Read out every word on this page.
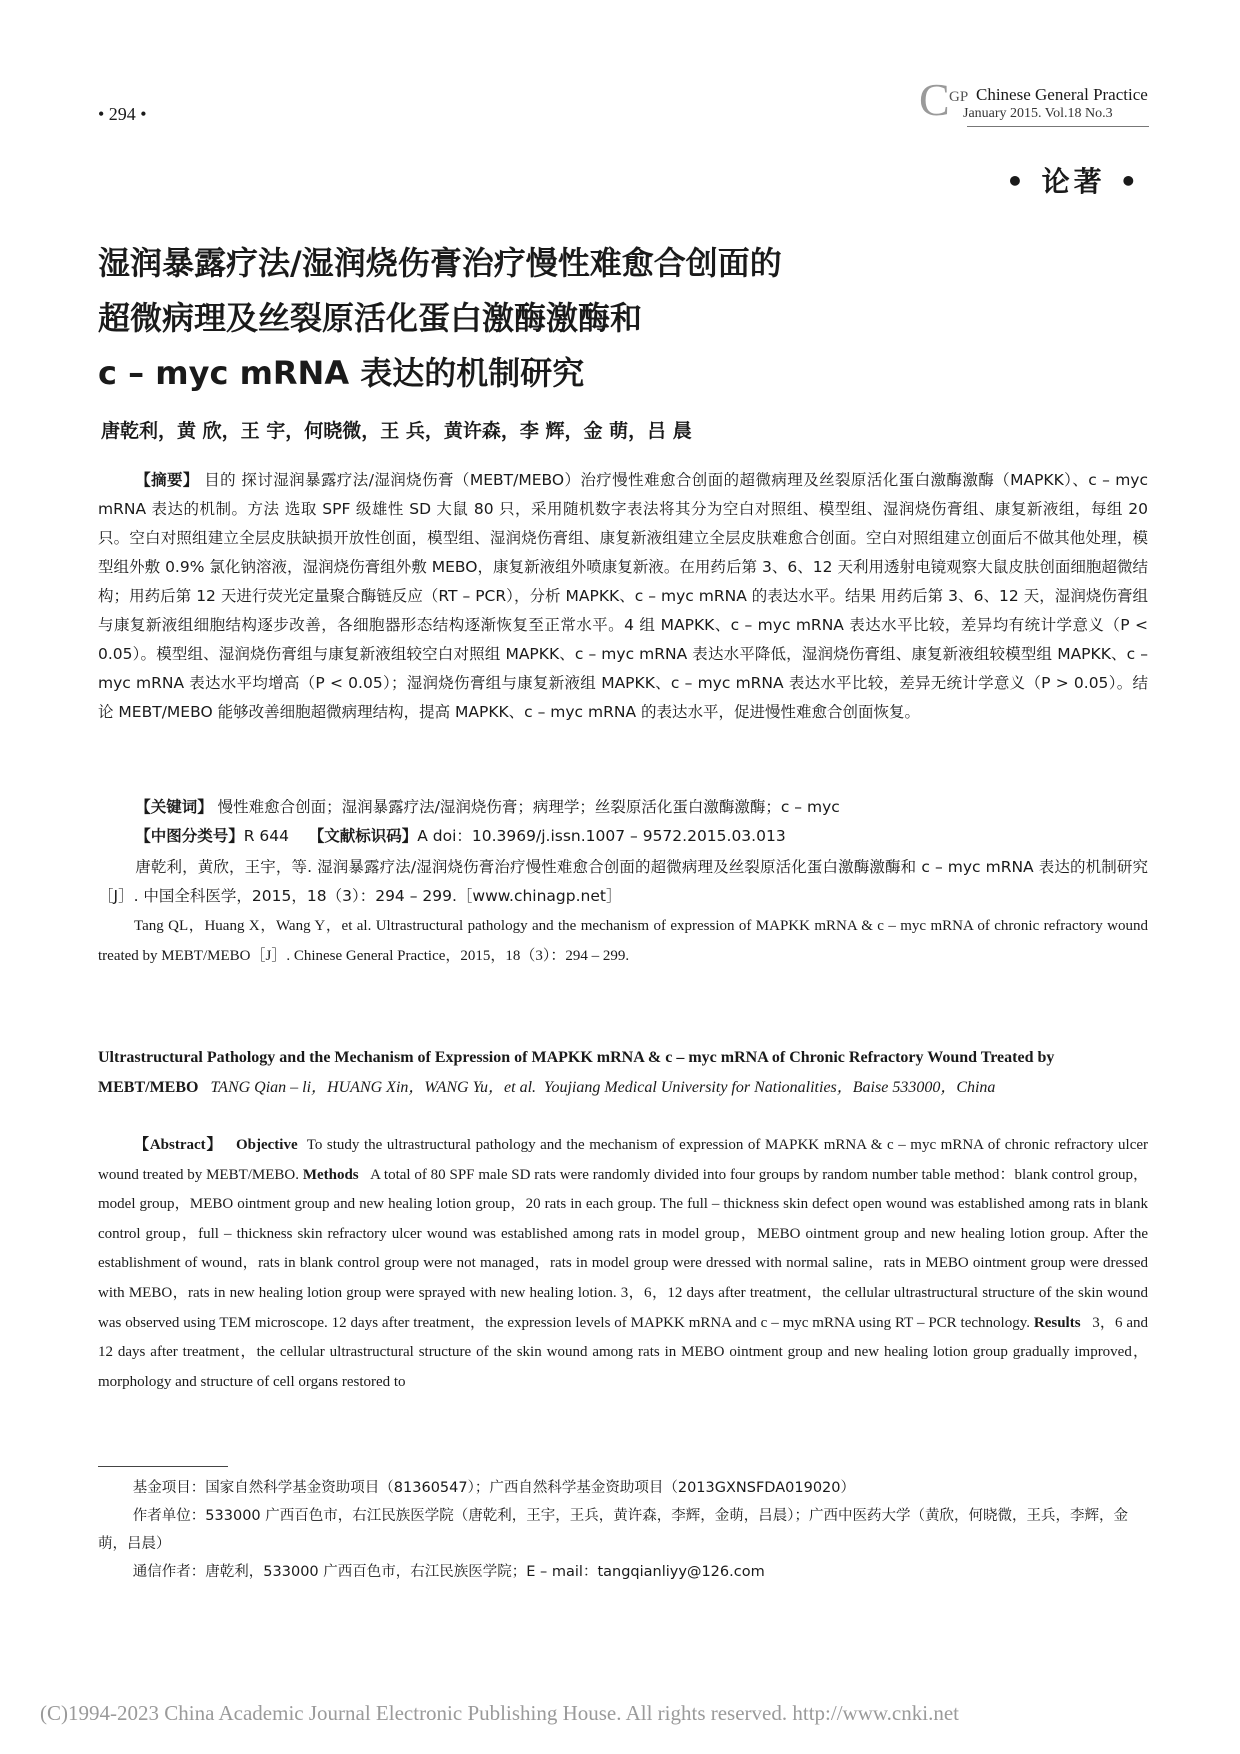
• 294 •	C GP Chinese General Practice
January 2015. Vol.18 No.3
• 论著 •
湿润暴露疗法/湿润烧伤膏治疗慢性难愈合创面的
超微病理及丝裂原活化蛋白激酶激酶和
c – myc mRNA 表达的机制研究
唐乾利，黄 欣，王 宇，何晓微，王 兵，黄许森，李 辉，金 萌，吕 晨
【摘要】 目的 探讨湿润暴露疗法/湿润烧伤膏（MEBT/MEBO）治疗慢性难愈合创面的超微病理及丝裂原活化蛋白激酶激酶（MAPKK）、c – myc mRNA 表达的机制。方法 选取 SPF 级雄性 SD 大鼠 80 只，采用随机数字表法将其分为空白对照组、模型组、湿润烧伤膏组、康复新液组，每组 20 只。空白对照组建立全层皮肤缺损开放性创面，模型组、湿润烧伤膏组、康复新液组建立全层皮肤难愈合创面。空白对照组建立创面后不做其他处理，模型组外敷 0.9% 氯化钠溶液，湿润烧伤膏组外敷 MEBO，康复新液组外喷康复新液。在用药后第 3、6、12 天利用透射电镜观察大鼠皮肤创面细胞超微结构；用药后第 12 天进行荧光定量聚合酶链反应（RT – PCR），分析 MAPKK、c – myc mRNA 的表达水平。结果 用药后第 3、6、12 天，湿润烧伤膏组与康复新液组细胞结构逐步改善，各细胞器形态结构逐渐恢复至正常水平。4 组 MAPKK、c – myc mRNA 表达水平比较，差异均有统计学意义（P < 0.05）。模型组、湿润烧伤膏组与康复新液组较空白对照组 MAPKK、c – myc mRNA 表达水平降低，湿润烧伤膏组、康复新液组较模型组 MAPKK、c – myc mRNA 表达水平均增高（P < 0.05）；湿润烧伤膏组与康复新液组 MAPKK、c – myc mRNA 表达水平比较，差异无统计学意义（P > 0.05）。结论 MEBT/MEBO 能够改善细胞超微病理结构，提高 MAPKK、c – myc mRNA 的表达水平，促进慢性难愈合创面恢复。
【关键词】 慢性难愈合创面；湿润暴露疗法/湿润烧伤膏；病理学；丝裂原活化蛋白激酶激酶；c – myc
【中图分类号】R 644 【文献标识码】A doi：10.3969/j.issn.1007 – 9572.2015.03.013
唐乾利，黄欣，王宇，等. 湿润暴露疗法/湿润烧伤膏治疗慢性难愈合创面的超微病理及丝裂原活化蛋白激酶激酶和 c – myc mRNA 表达的机制研究［J］. 中国全科医学，2015，18（3）：294 – 299.［www.chinagp.net］
Tang QL，Huang X，Wang Y，et al. Ultrastructural pathology and the mechanism of expression of MAPKK mRNA & c – myc mRNA of chronic refractory wound treated by MEBT/MEBO［J］. Chinese General Practice，2015，18（3）：294 – 299.
Ultrastructural Pathology and the Mechanism of Expression of MAPKK mRNA & c – myc mRNA of Chronic Refractory Wound Treated by MEBT/MEBO TANG Qian – li，HUANG Xin，WANG Yu，et al. Youjiang Medical University for Nationalities，Baise 533000，China
【Abstract】 Objective To study the ultrastructural pathology and the mechanism of expression of MAPKK mRNA & c – myc mRNA of chronic refractory ulcer wound treated by MEBT/MEBO. Methods A total of 80 SPF male SD rats were randomly divided into four groups by random number table method：blank control group，model group，MEBO ointment group and new healing lotion group，20 rats in each group. The full – thickness skin defect open wound was established among rats in blank control group，full – thickness skin refractory ulcer wound was established among rats in model group，MEBO ointment group and new healing lotion group. After the establishment of wound，rats in blank control group were not managed，rats in model group were dressed with normal saline，rats in MEBO ointment group were dressed with MEBO，rats in new healing lotion group were sprayed with new healing lotion. 3，6，12 days after treatment，the cellular ultrastructural structure of the skin wound was observed using TEM microscope. 12 days after treatment，the expression levels of MAPKK mRNA and c – myc mRNA using RT – PCR technology. Results 3，6 and 12 days after treatment，the cellular ultrastructural structure of the skin wound among rats in MEBO ointment group and new healing lotion group gradually improved，morphology and structure of cell organs restored to
基金项目：国家自然科学基金资助项目（81360547）；广西自然科学基金资助项目（2013GXNSFDA019020）
作者单位：533000 广西百色市，右江民族医学院（唐乾利，王宇，王兵，黄许森，李辉，金萌，吕晨）；广西中医药大学（黄欣，何晓微，王兵，李辉，金萌，吕晨）
通信作者：唐乾利，533000 广西百色市，右江民族医学院；E – mail：tangqianliyy@126.com
(C)1994-2023 China Academic Journal Electronic Publishing House. All rights reserved. http://www.cnki.net
